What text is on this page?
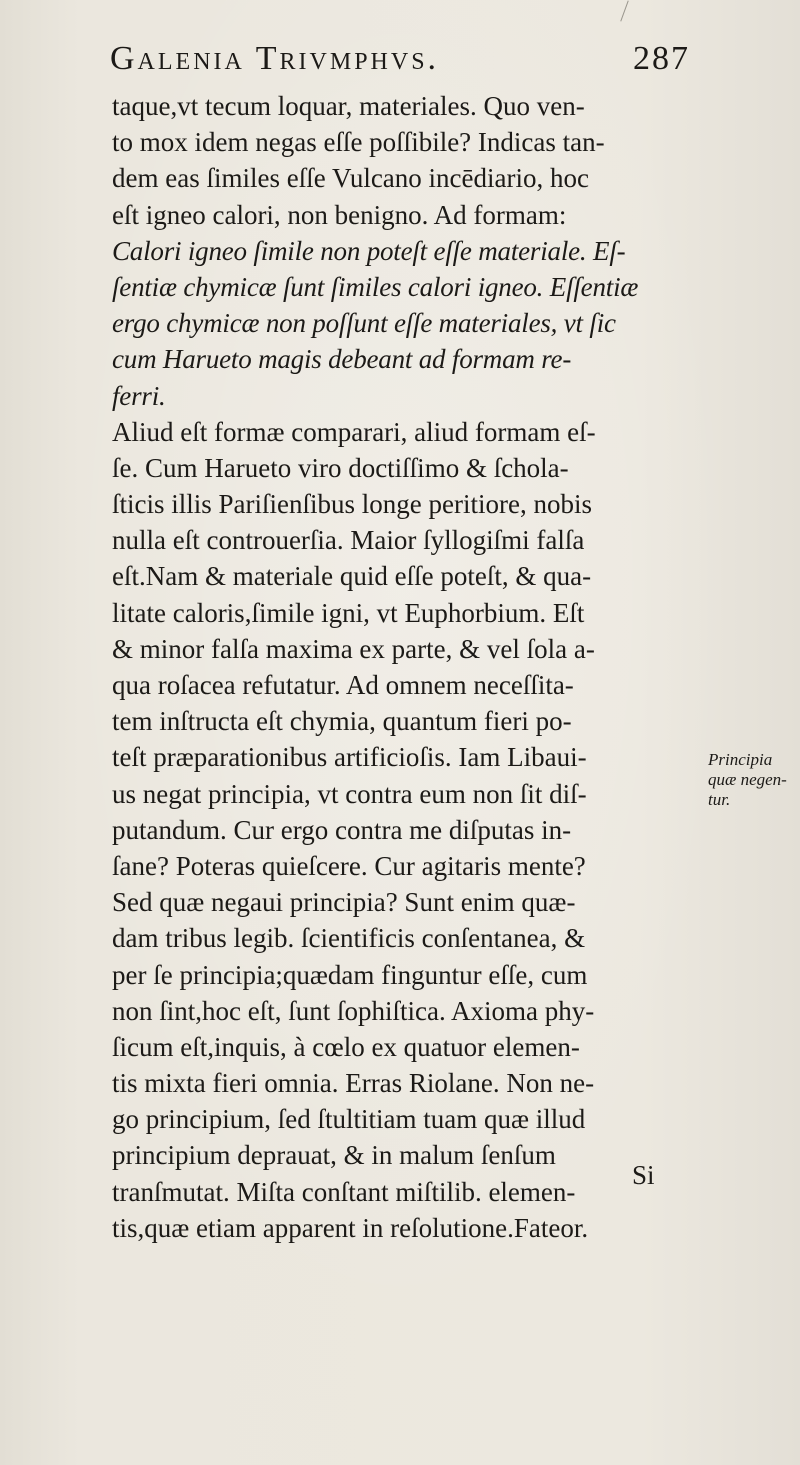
Galenia Trivmphvs.	287
taque,vt tecum loquar, materiales. Quo ven-
to mox idem negas eſſe poſſibile? Indicas tan-
dem eas ſimiles eſſe Vulcano incēdiario, hoc
eſt igneo calori, non benigno. Ad formam:
Calori igneo ſimile non poteſt eſſe materiale. Eſ-
ſentiæ chymicæ ſunt ſimiles calori igneo. Eſſentiæ
ergo chymicæ non poſſunt eſſe materiales, vt ſic
cum Harueto magis debeant ad formam re-
ferri.
Aliud eſt formæ comparari, aliud formam eſ-
ſe. Cum Harueto viro doctiſſimo & ſchola-
ſticis illis Pariſienſibus longe peritiore, nobis
nulla eſt controuerſia. Maior ſyllogiſmi falſa
eſt.Nam & materiale quid eſſe poteſt, & qua-
litate caloris,ſimile igni, vt Euphorbium. Eſt
& minor falſa maxima ex parte, & vel ſola a-
qua roſacea refutatur. Ad omnem neceſſita-
tem inſtructa eſt chymia, quantum fieri po-
teſt præparationibus artificioſis. Iam Libaui-
us negat principia, vt contra eum non ſit diſ-
putandum. Cur ergo contra me diſputas in-
ſane? Poteras quieſcere. Cur agitaris mente?
Sed quæ negaui principia? Sunt enim quæ-
dam tribus legib. ſcientificis conſentanea, &
per ſe principia;quædam finguntur eſſe, cum
non ſint,hoc eſt, ſunt ſophiſtica. Axioma phy-
ſicum eſt,inquis, à cœlo ex quatuor elemen-
tis mixta fieri omnia. Erras Riolane. Non ne-
go principium, ſed ſtultitiam tuam quæ illud
principium deprauat, & in malum ſenſum
tranſmutat. Miſta conſtant miſtilib. elemen-
tis,quæ etiam apparent in reſolutione.Fateor.
Principia
quæ negen-
tur.
Si
